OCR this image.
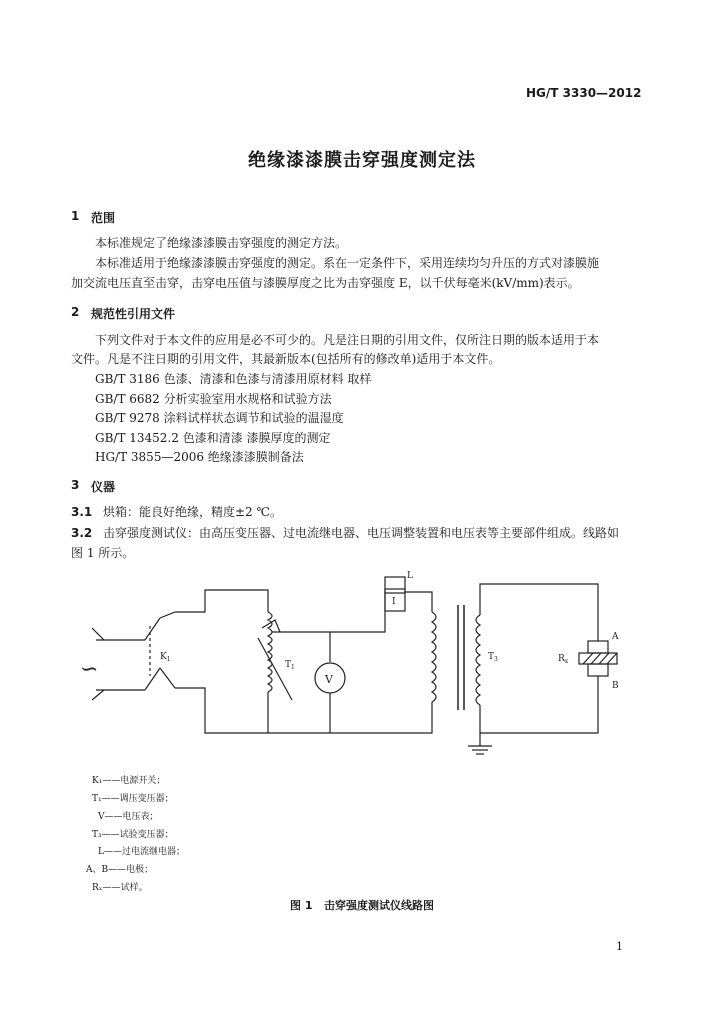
HG/T 3330—2012
绝缘漆漆膜击穿强度测定法
1 范围
本标准规定了绝缘漆漆膜击穿强度的测定方法。
本标准适用于绝缘漆漆膜击穿强度的测定。系在一定条件下，采用连续均匀升压的方式对漆膜施
加交流电压直至击穿，击穿电压值与漆膜厚度之比为击穿强度 E，以千伏每毫米(kV/mm)表示。
2 规范性引用文件
下列文件对于本文件的应用是必不可少的。凡是注日期的引用文件，仅所注日期的版本适用于本
文件。凡是不注日期的引用文件，其最新版本(包括所有的修改单)适用于本文件。
GB/T 3186 色漆、清漆和色漆与清漆用原材料 取样
GB/T 6682 分析实验室用水规格和试验方法
GB/T 9278 涂料试样状态调节和试验的温湿度
GB/T 13452.2 色漆和清漆 漆膜厚度的测定
HG/T 3855—2006 绝缘漆漆膜制备法
3 仪器
3.1 烘箱：能良好绝缘，精度±2 ℃。
3.2 击穿强度测试仪：由高压变压器、过电流继电器、电压调整装置和电压表等主要部件组成。线路如
图 1 所示。
∽	$K_1$
$T_1$
V
L
I
$T_3$
A
B
$R_x$
K₁——电源开关；
T₁——调压变压器；
V——电压表；
T₃——试验变压器；
L——过电流继电器；
A、B——电极；
Rₓ——试样。
图 1 击穿强度测试仪线路图
1
